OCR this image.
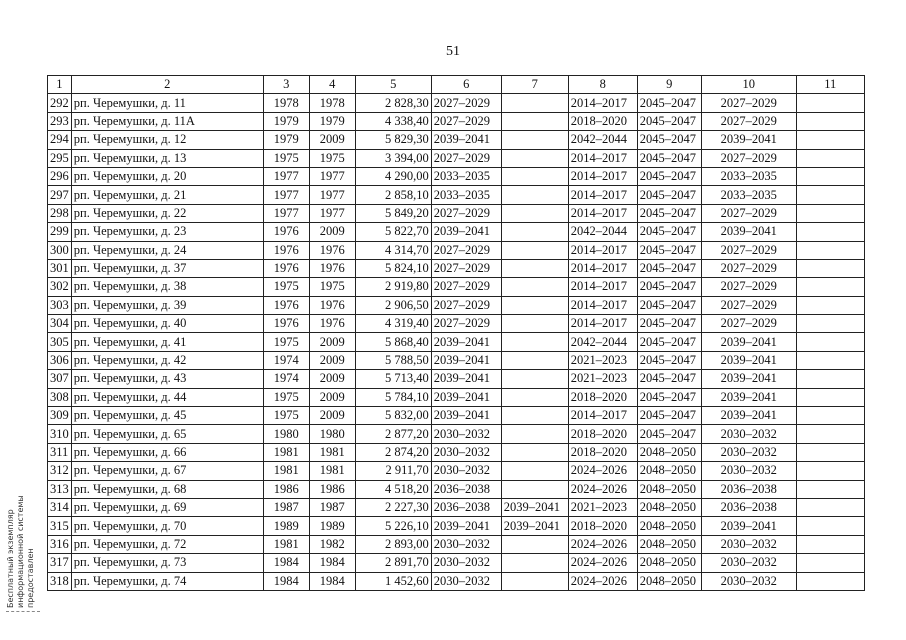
51
1	2	3	4	5	6	7	8	9	10	11
292	рп. Черемушки, д. 11	1978	1978	2 828,30	2027–2029		2014–2017	2045–2047	2027–2029	
293	рп. Черемушки, д. 11А	1979	1979	4 338,40	2027–2029		2018–2020	2045–2047	2027–2029	
294	рп. Черемушки, д. 12	1979	2009	5 829,30	2039–2041		2042–2044	2045–2047	2039–2041	
295	рп. Черемушки, д. 13	1975	1975	3 394,00	2027–2029		2014–2017	2045–2047	2027–2029	
296	рп. Черемушки, д. 20	1977	1977	4 290,00	2033–2035		2014–2017	2045–2047	2033–2035	
297	рп. Черемушки, д. 21	1977	1977	2 858,10	2033–2035		2014–2017	2045–2047	2033–2035	
298	рп. Черемушки, д. 22	1977	1977	5 849,20	2027–2029		2014–2017	2045–2047	2027–2029	
299	рп. Черемушки, д. 23	1976	2009	5 822,70	2039–2041		2042–2044	2045–2047	2039–2041	
300	рп. Черемушки, д. 24	1976	1976	4 314,70	2027–2029		2014–2017	2045–2047	2027–2029	
301	рп. Черемушки, д. 37	1976	1976	5 824,10	2027–2029		2014–2017	2045–2047	2027–2029	
302	рп. Черемушки, д. 38	1975	1975	2 919,80	2027–2029		2014–2017	2045–2047	2027–2029	
303	рп. Черемушки, д. 39	1976	1976	2 906,50	2027–2029		2014–2017	2045–2047	2027–2029	
304	рп. Черемушки, д. 40	1976	1976	4 319,40	2027–2029		2014–2017	2045–2047	2027–2029	
305	рп. Черемушки, д. 41	1975	2009	5 868,40	2039–2041		2042–2044	2045–2047	2039–2041	
306	рп. Черемушки, д. 42	1974	2009	5 788,50	2039–2041		2021–2023	2045–2047	2039–2041	
307	рп. Черемушки, д. 43	1974	2009	5 713,40	2039–2041		2021–2023	2045–2047	2039–2041	
308	рп. Черемушки, д. 44	1975	2009	5 784,10	2039–2041		2018–2020	2045–2047	2039–2041	
309	рп. Черемушки, д. 45	1975	2009	5 832,00	2039–2041		2014–2017	2045–2047	2039–2041	
310	рп. Черемушки, д. 65	1980	1980	2 877,20	2030–2032		2018–2020	2045–2047	2030–2032	
311	рп. Черемушки, д. 66	1981	1981	2 874,20	2030–2032		2018–2020	2048–2050	2030–2032	
312	рп. Черемушки, д. 67	1981	1981	2 911,70	2030–2032		2024–2026	2048–2050	2030–2032	
313	рп. Черемушки, д. 68	1986	1986	4 518,20	2036–2038		2024–2026	2048–2050	2036–2038	
314	рп. Черемушки, д. 69	1987	1987	2 227,30	2036–2038	2039–2041	2021–2023	2048–2050	2036–2038	
315	рп. Черемушки, д. 70	1989	1989	5 226,10	2039–2041	2039–2041	2018–2020	2048–2050	2039–2041	
316	рп. Черемушки, д. 72	1981	1982	2 893,00	2030–2032		2024–2026	2048–2050	2030–2032	
317	рп. Черемушки, д. 73	1984	1984	2 891,70	2030–2032		2024–2026	2048–2050	2030–2032	
318	рп. Черемушки, д. 74	1984	1984	1 452,60	2030–2032		2024–2026	2048–2050	2030–2032	
Бесплатный экземпляр информационной системы предоставлен
